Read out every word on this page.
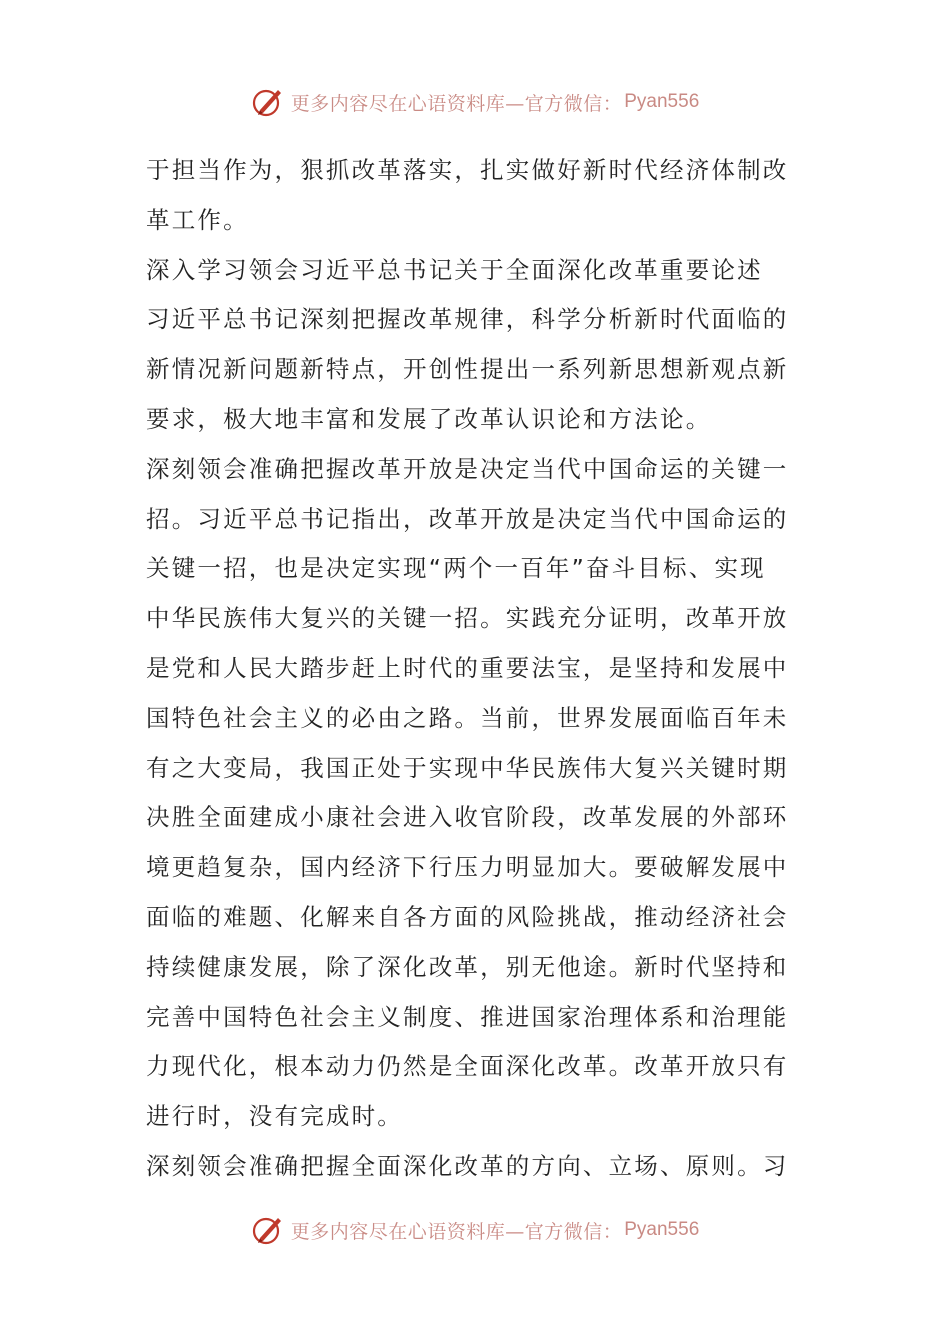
更多内容尽在心语资料库—官方微信： Pyan556
于担当作为，狠抓改革落实，扎实做好新时代经济体制改
革工作。
深入学习领会习近平总书记关于全面深化改革重要论述
习近平总书记深刻把握改革规律，科学分析新时代面临的
新情况新问题新特点，开创性提出一系列新思想新观点新
要求，极大地丰富和发展了改革认识论和方法论。
深刻领会准确把握改革开放是决定当代中国命运的关键一
招。习近平总书记指出，改革开放是决定当代中国命运的
关键一招，也是决定实现“两个一百年”奋斗目标、实现
中华民族伟大复兴的关键一招。实践充分证明，改革开放
是党和人民大踏步赶上时代的重要法宝，是坚持和发展中
国特色社会主义的必由之路。当前，世界发展面临百年未
有之大变局，我国正处于实现中华民族伟大复兴关键时期
决胜全面建成小康社会进入收官阶段，改革发展的外部环
境更趋复杂，国内经济下行压力明显加大。要破解发展中
面临的难题、化解来自各方面的风险挑战，推动经济社会
持续健康发展，除了深化改革，别无他途。新时代坚持和
完善中国特色社会主义制度、推进国家治理体系和治理能
力现代化，根本动力仍然是全面深化改革。改革开放只有
进行时，没有完成时。
深刻领会准确把握全面深化改革的方向、立场、原则。习
更多内容尽在心语资料库—官方微信： Pyan556
